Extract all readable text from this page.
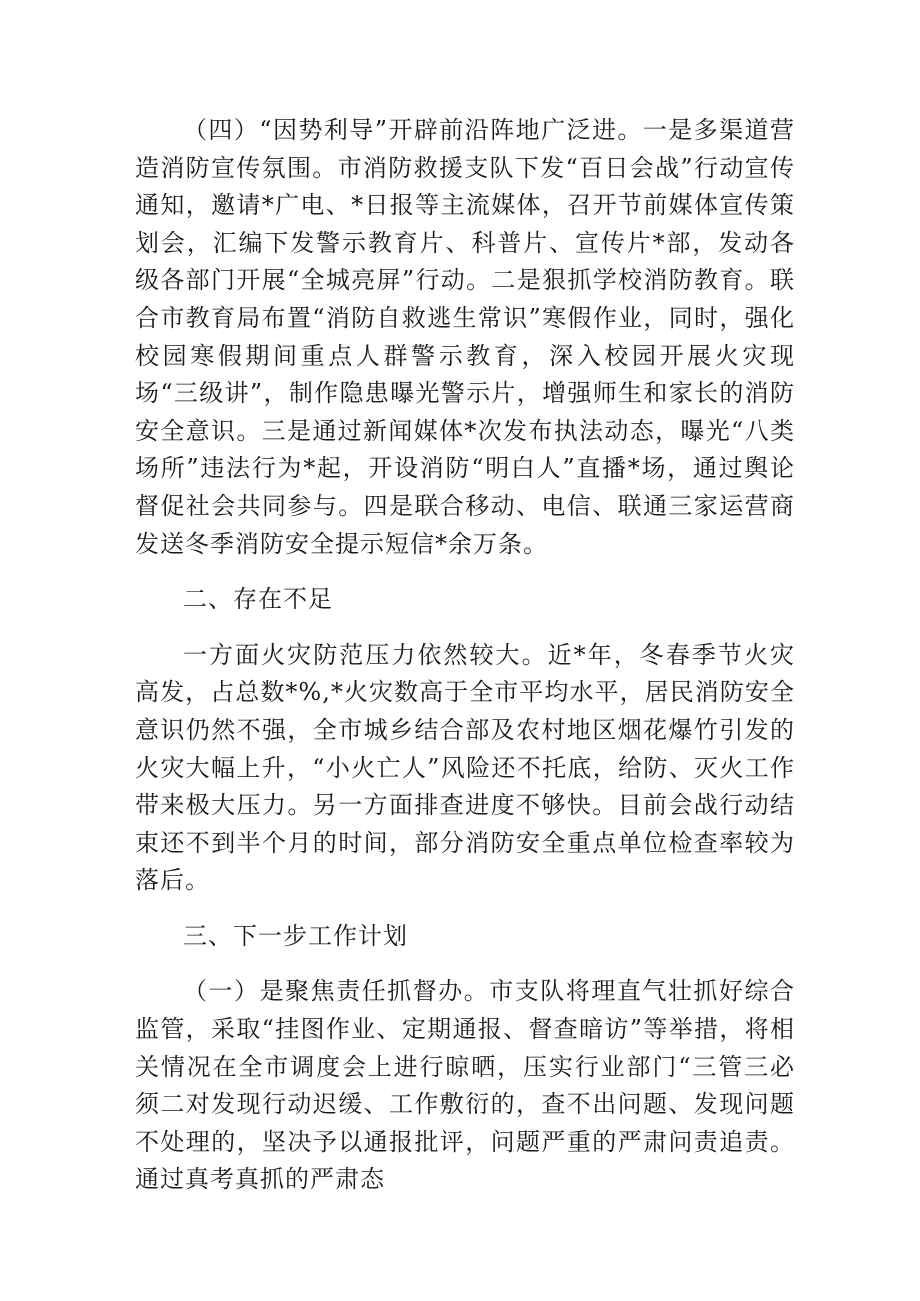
（四）“因势利导”开辟前沿阵地广泛进。一是多渠道营造消防宣传氛围。市消防救援支队下发“百日会战”行动宣传通知，邀请*广电、*日报等主流媒体，召开节前媒体宣传策划会，汇编下发警示教育片、科普片、宣传片*部，发动各级各部门开展“全城亮屏”行动。二是狠抓学校消防教育。联合市教育局布置“消防自救逃生常识”寒假作业，同时，强化校园寒假期间重点人群警示教育，深入校园开展火灾现场“三级讲”，制作隐患曝光警示片，增强师生和家长的消防安全意识。三是通过新闻媒体*次发布执法动态，曝光“八类场所”违法行为*起，开设消防“明白人”直播*场，通过舆论督促社会共同参与。四是联合移动、电信、联通三家运营商发送冬季消防安全提示短信*余万条。

二、存在不足

一方面火灾防范压力依然较大。近*年，冬春季节火灾高发，占总数*%,*火灾数高于全市平均水平，居民消防安全意识仍然不强，全市城乡结合部及农村地区烟花爆竹引发的火灾大幅上升，“小火亡人”风险还不托底，给防、灭火工作带来极大压力。另一方面排查进度不够快。目前会战行动结束还不到半个月的时间，部分消防安全重点单位检查率较为落后。

三、下一步工作计划

（一）是聚焦责任抓督办。市支队将理直气壮抓好综合监管，采取“挂图作业、定期通报、督查暗访”等举措，将相关情况在全市调度会上进行晾晒，压实行业部门“三管三必须二对发现行动迟缓、工作敷衍的，查不出问题、发现问题不处理的，坚决予以通报批评，问题严重的严肃问责追责。通过真考真抓的严肃态
